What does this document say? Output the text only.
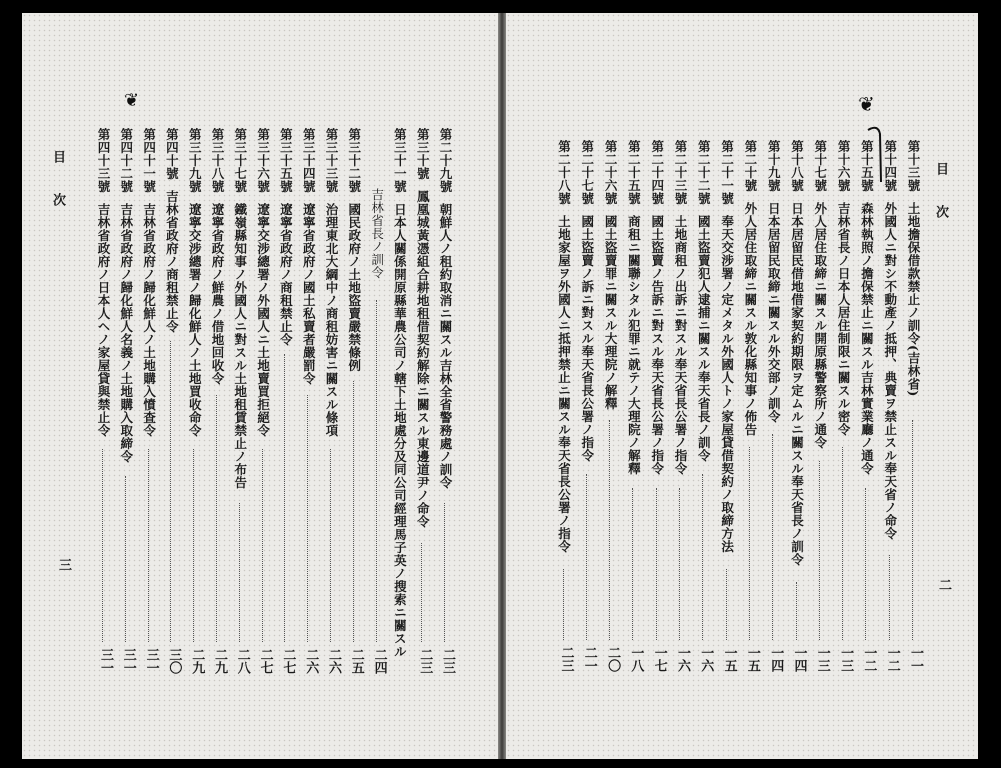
目次
三
目次
二
❦	❦
第二十九號朝鮮人ノ租約取消ニ關スル吉林全省警務處ノ訓令
二三
第三十號鳳凰城黃憑組合耕地租借契約解除ニ關スル東邊道尹ノ命令
二三
第三十一號日本人關係開原縣華農公司ノ轄下土地處分及同公司經理馬子英ノ搜索ニ關スル
吉林省長ノ訓令
二四
第三十二號國民政府ノ土地盜賣嚴禁條例
二五
第三十三號治理東北大綱中ノ商租妨害ニ關スル條項
二六
第三十四號遼寧省政府ノ國土私賣者嚴罰令
二六
第三十五號遼寧省政府ノ商租禁止令
二七
第三十六號遼寧交涉總署ノ外國人ニ土地賣買拒絕令
二七
第三十七號鐵嶺縣知事ノ外國人ニ對スル土地租賃禁止ノ布告
二八
第三十八號遼寧省政府ノ鮮農ノ借地回收令
二九
第三十九號遼寧交涉總署ノ歸化鮮人ノ土地買收命令
二九
第四十號吉林省政府ノ商租禁止令
三〇
第四十一號吉林省政府ノ歸化鮮人ノ土地購入憤查令
三一
第四十二號吉林省政府ノ歸化鮮人名義ノ土地購入取締令
三一
第四十三號吉林省政府ノ日本人ヘノ家屋貸與禁止令
三一
第十三號土地擔保借款禁止ノ訓令(吉林省)
一一
第十四號外國人ニ對シ不動產ノ抵押、典賣ヲ禁止スル奉天省ノ命令
一二
第十五號森林執照ノ擔保禁止ニ關スル吉林實業廳ノ通令
一二
第十六號吉林省長ノ日本人居住制限ニ關スル密令
一三
第十七號外人居住取締ニ關スル開原縣警察所ノ通令
一三
第十八號日本居留民借地借家契約期限ヲ定ムルニ關スル奉天省長ノ訓令
一四
第十九號日本居留民取締ニ關スル外交部ノ訓令
一四
第二十號外人居住取締ニ關スル敦化縣知事ノ佈告
一五
第二十一號奉天交涉署ノ定メタル外國人トノ家屋貸借契約ノ取締方法
一五
第二十二號國土盜賣犯人逮捕ニ關スル奉天省長ノ訓令
一六
第二十三號土地商租ノ出訴ニ對スル奉天省長公署ノ指令
一六
第二十四號國土盜賣ノ告訴ニ對スル奉天省長公署ノ指令
一七
第二十五號商租ニ關聯シタル犯罪ニ就テノ大理院ノ解釋
一八
第二十六號國土盜賣罪ニ關スル大理院ノ解釋
二〇
第二十七號國土盜賣ノ訴ニ對スル奉天省長公署ノ指令
二一
第二十八號土地家屋ヲ外國人ニ抵押禁止ニ關スル奉天省長公署ノ指令
二三
